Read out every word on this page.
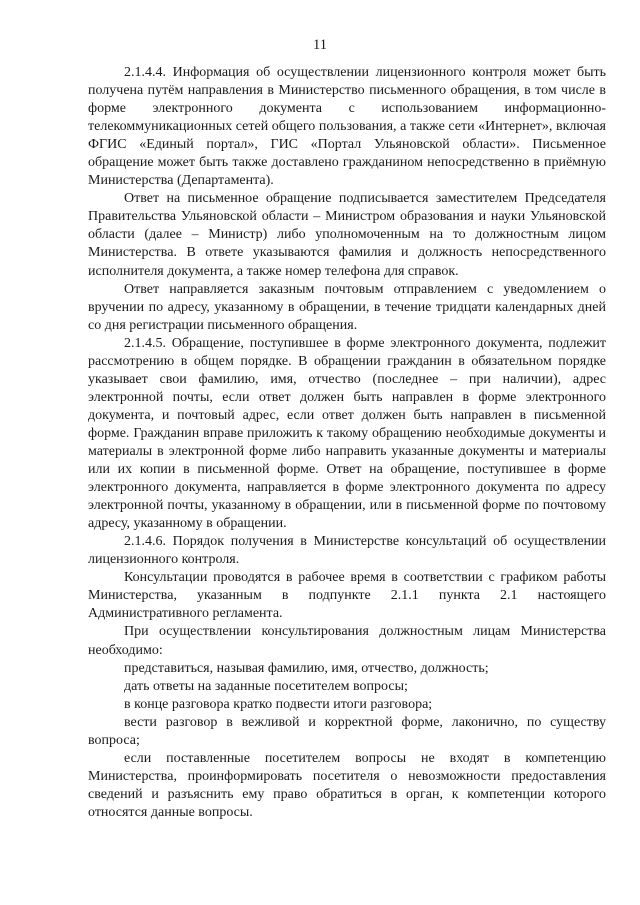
11

2.1.4.4. Информация об осуществлении лицензионного контроля может быть получена путём направления в Министерство письменного обращения, в том числе в форме электронного документа с использованием информационно-телекоммуникационных сетей общего пользования, а также сети «Интернет», включая ФГИС «Единый портал», ГИС «Портал Ульяновской области». Письменное обращение может быть также доставлено гражданином непосредственно в приёмную Министерства (Департамента).

Ответ на письменное обращение подписывается заместителем Председателя Правительства Ульяновской области – Министром образования и науки Ульяновской области (далее – Министр) либо уполномоченным на то должностным лицом Министерства. В ответе указываются фамилия и должность непосредственного исполнителя документа, а также номер телефона для справок.

Ответ направляется заказным почтовым отправлением с уведомлением о вручении по адресу, указанному в обращении, в течение тридцати календарных дней со дня регистрации письменного обращения.

2.1.4.5. Обращение, поступившее в форме электронного документа, подлежит рассмотрению в общем порядке. В обращении гражданин в обязательном порядке указывает свои фамилию, имя, отчество (последнее – при наличии), адрес электронной почты, если ответ должен быть направлен в форме электронного документа, и почтовый адрес, если ответ должен быть направлен в письменной форме. Гражданин вправе приложить к такому обращению необходимые документы и материалы в электронной форме либо направить указанные документы и материалы или их копии в письменной форме. Ответ на обращение, поступившее в форме электронного документа, направляется в форме электронного документа по адресу электронной почты, указанному в обращении, или в письменной форме по почтовому адресу, указанному в обращении.

2.1.4.6. Порядок получения в Министерстве консультаций об осуществлении лицензионного контроля.

Консультации проводятся в рабочее время в соответствии с графиком работы Министерства, указанным в подпункте 2.1.1 пункта 2.1 настоящего Административного регламента.

При осуществлении консультирования должностным лицам Министерства необходимо:

представиться, называя фамилию, имя, отчество, должность;

дать ответы на заданные посетителем вопросы;

в конце разговора кратко подвести итоги разговора;

вести разговор в вежливой и корректной форме, лаконично, по существу вопроса;

если поставленные посетителем вопросы не входят в компетенцию Министерства, проинформировать посетителя о невозможности предоставления сведений и разъяснить ему право обратиться в орган, к компетенции которого относятся данные вопросы.
